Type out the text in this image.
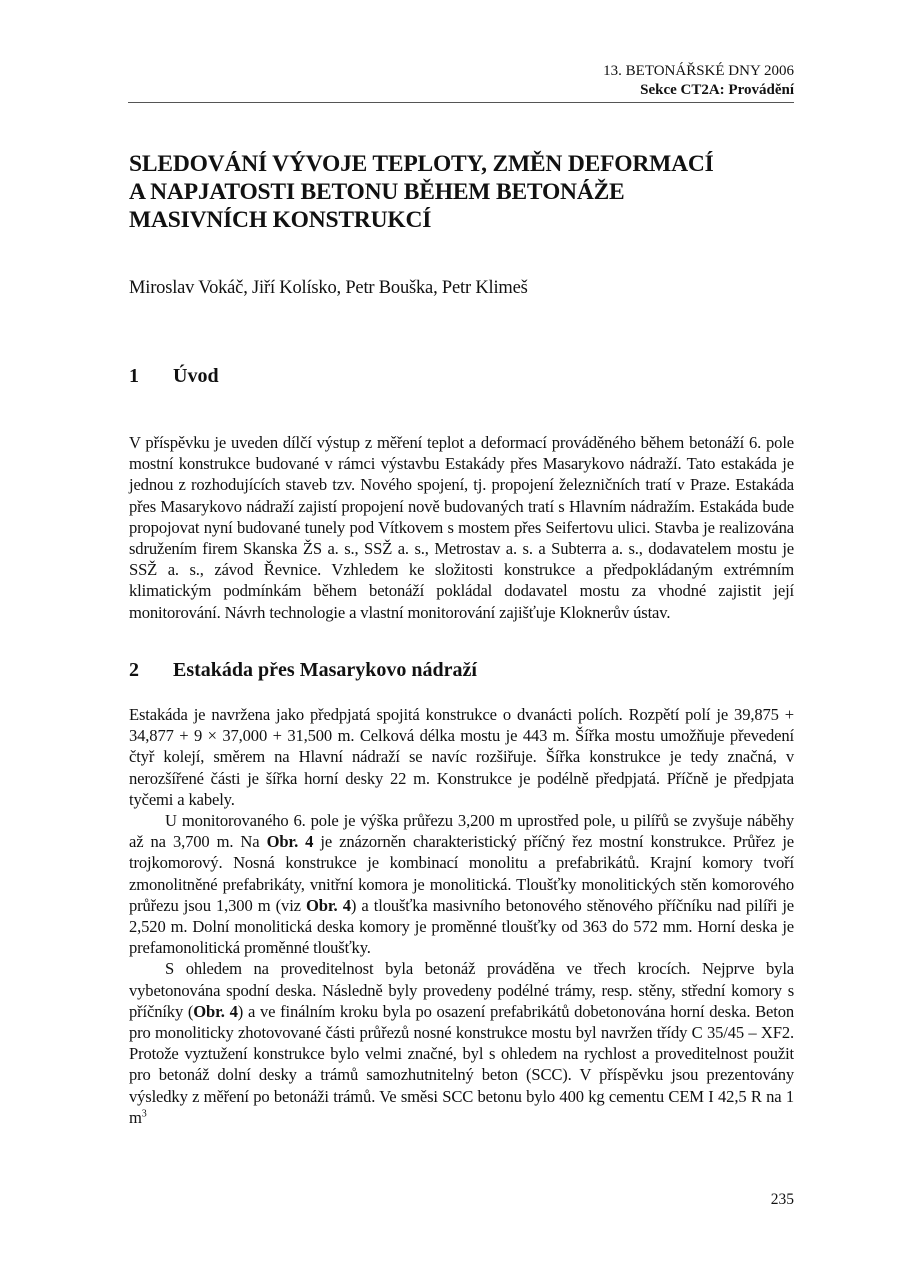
13. BETONÁŘSKÉ DNY 2006
Sekce CT2A: Provádění
SLEDOVÁNÍ VÝVOJE TEPLOTY, ZMĚN DEFORMACÍ
A NAPJATOSTI BETONU BĚHEM BETONÁŽE
MASIVNÍCH KONSTRUKCÍ
Miroslav Vokáč, Jiří Kolísko, Petr Bouška, Petr Klimeš
1 Úvod

V příspěvku je uveden dílčí výstup z měření teplot a deformací prováděného během betonáží 6. pole mostní konstrukce budované v rámci výstavbu Estakády přes Masarykovo nádraží. Tato estakáda je jednou z rozhodujících staveb tzv. Nového spojení, tj. propojení železničních tratí v Praze. Estakáda přes Masarykovo nádraží zajistí propojení nově budovaných tratí s Hlavním nádražím. Estakáda bude propojovat nyní budované tunely pod Vítkovem s mostem přes Seifertovu ulici. Stavba je realizována sdružením firem Skanska ŽS a. s., SSŽ a. s., Metrostav a. s. a Subterra a. s., dodavatelem mostu je SSŽ a. s., závod Řevnice. Vzhledem ke složitosti konstrukce a předpokládaným extrémním klimatickým podmínkám během betonáží pokládal dodavatel mostu za vhodné zajistit její monitorování. Návrh technologie a vlastní monitorování zajišťuje Kloknerův ústav.

2 Estakáda přes Masarykovo nádraží

Estakáda je navržena jako předpjatá spojitá konstrukce o dvanácti polích. Rozpětí polí je 39,875 + 34,877 + 9 × 37,000 + 31,500 m. Celková délka mostu je 443 m. Šířka mostu umožňuje převedení čtyř kolejí, směrem na Hlavní nádraží se navíc rozšiřuje. Šířka konstrukce je tedy značná, v nerozšířené části je šířka horní desky 22 m. Konstrukce je podélně předpjatá. Příčně je předpjata tyčemi a kabely.

U monitorovaného 6. pole je výška průřezu 3,200 m uprostřed pole, u pilířů se zvyšuje náběhy až na 3,700 m. Na Obr. 4 je znázorněn charakteristický příčný řez mostní konstrukce. Průřez je trojkomorový. Nosná konstrukce je kombinací monolitu a prefabrikátů. Krajní komory tvoří zmonolitněné prefabrikáty, vnitřní komora je monolitická. Tloušťky monolitických stěn komorového průřezu jsou 1,300 m (viz Obr. 4) a tloušťka masivního betonového stěnového příčníku nad pilíři je 2,520 m. Dolní monolitická deska komory je proměnné tloušťky od 363 do 572 mm. Horní deska je prefamonolitická proměnné tloušťky.

S ohledem na proveditelnost byla betonáž prováděna ve třech krocích. Nejprve byla vybetonována spodní deska. Následně byly provedeny podélné trámy, resp. stěny, střední komory s příčníky (Obr. 4) a ve finálním kroku byla po osazení prefabrikátů dobetonována horní deska. Beton pro monoliticky zhotovované části průřezů nosné konstrukce mostu byl navržen třídy C 35/45 – XF2. Protože vyztužení konstrukce bylo velmi značné, byl s ohledem na rychlost a proveditelnost použit pro betonáž dolní desky a trámů samozhutnitelný beton (SCC). V příspěvku jsou prezentovány výsledky z měření po betonáži trámů. Ve směsi SCC betonu bylo 400 kg cementu CEM I 42,5 R na 1 $m^3$

235
